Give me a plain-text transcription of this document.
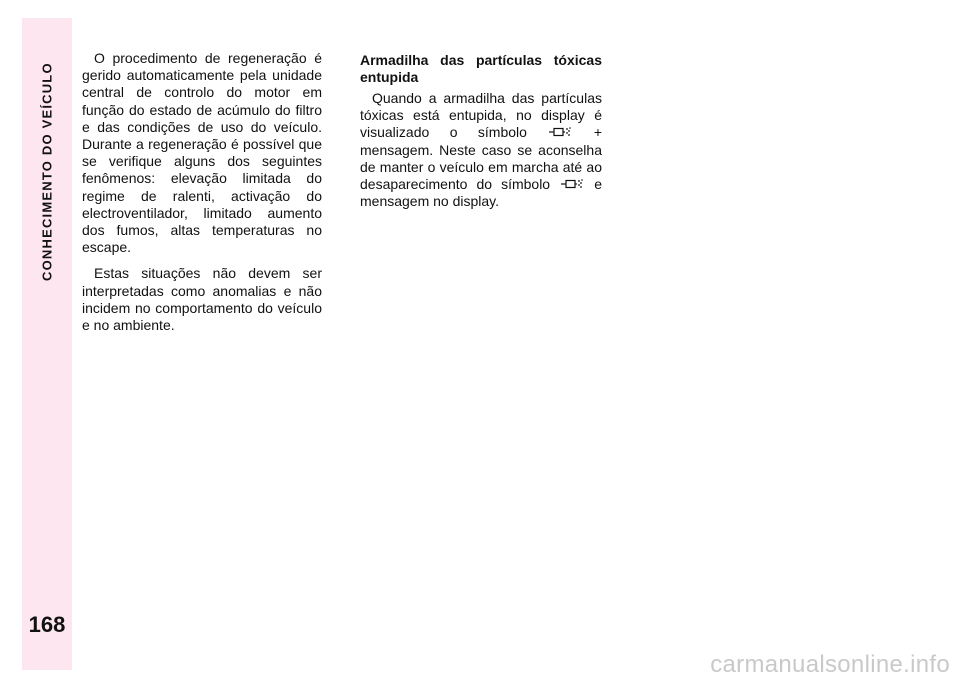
CONHECIMENTO DO VEÍCULO
168

O procedimento de regeneração é gerido automaticamente pela unidade central de controlo do motor em função do estado de acúmulo do filtro e das condições de uso do veículo. Durante a regeneração é possível que se verifique alguns dos seguintes fenômenos: elevação limitada do regime de ralenti, activação do electroventilador, limitado aumento dos fumos, altas temperaturas no escape.

Estas situações não devem ser interpretadas como anomalias e não incidem no comportamento do veículo e no ambiente.

Armadilha das partículas tóxicas entupida

Quando a armadilha das partículas tóxicas está entupida, no display é visualizado o símbolo	+ mensagem. Neste caso se aconselha de manter o veículo em marcha até ao desaparecimento do símbolo	e mensagem no display.

carmanualsonline.info
